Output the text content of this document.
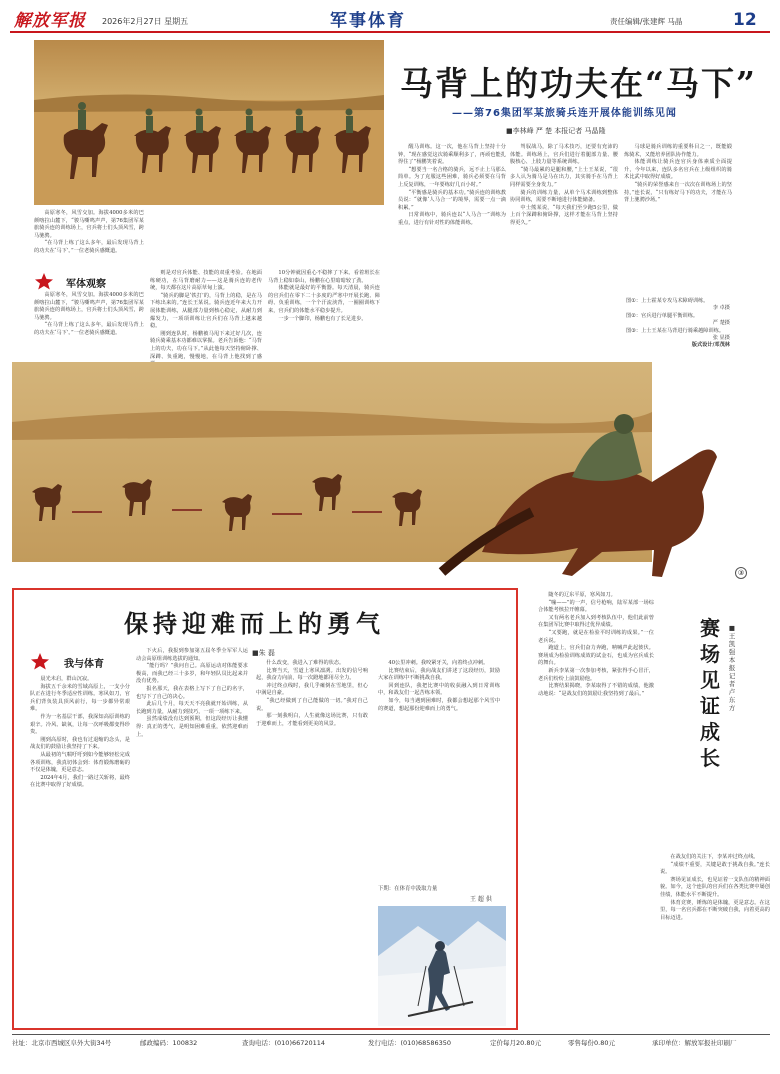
解放军报 2026年2月27日 星期五	军事体育	责任编辑/张建辉 马晶	12
马背上的功夫在“马下”
——第76集团军某旅骑兵连开展体能训练见闻
■李林峰 严 楚 本报记者 马晶隆

高原寒冬，风雪交加。海拔4000多米的巴颜喀拉山麓下，“骏马嘶鸣声声，第76集团军某旅骑兵连的训练场上，官兵将士们头顶风雪，跨马驰骋。

“在马背上练了这么多年，最后发现马背上的功夫在‘马下’。”一位老骑兵感慨道。

军体观察

高原寒冬，风雪交加。海拔4000多米的巴颜喀拉山麓下，“骏马嘶鸣声声，第76集团军某旅骑兵连的训练场上，官兵将士们头顶风雪，跨马驰骋。

“在马背上练了这么多年，最后发现马背上的功夫在‘马下’。”一位老骑兵感慨道。

则是对官兵体能、技能的双重考验。在地面练硬功，在马背磨耐力——这是骑兵连的老传统，每天都在这片高原草甸上演。

“骑兵的脚是‘铁打’的，马背上的稳，是在马下练出来的。”连长王某说。骑兵连近年来大力开展体能训练，从腿部力量到核心稳定，从耐力到爆发力，一项项训练让官兵们在马背上越来越稳。

刚到连队时，杨鹏被马甩下来过好几次，连骑兵骑乘基本功都难以掌握。老兵告诉他：“马背上的功夫，功在马下。”从此他每天坚持俯卧撑、深蹲、负重跑，慢慢地，在马背上他找到了感

10分钟就因重心不稳摔了下来。看着班长在马背上稳如泰山，杨鹏在心里暗暗较了劲。

体能就是最好的平衡器。每天清晨，骑兵连的官兵们在零下二十多度的严寒中开展长跑、障碍、负重训练，一个个汗流浃背，一圈圈训练下来，官兵们的体能水平稳步提升。

一步一个脚印，杨鹏也有了长足进步。

醒马训练。这一次，他在马背上坚持十分钟，“现在感觉这次骑乘顺利多了，再顽也能扎得住了”杨鹏笑着说。

“想要当一名合格的骑兵，远不止上马那么简单。为了克服这些困难，骑兵必须要在马背上反复训练，一年要练好几百小时。”

“平衡感是骑兵的基本功。”骑兵连的训练教员说：“就像‘人马合一’的境界，需要一点一滴积累。”

日常训练中，骑兵连以“人马合一”训练为重点，进行有针对性的体能训练。

驾驭战马，除了马术技巧，还要有充沛的体能。训练场上，官兵们进行着腿部力量、腰腹核心、上肢力量等系统训练。

“骑马最累的是腿和腰，”上士王某说，“很多人认为骑马是马在出力，其实骑手在马背上同样需要全身发力。”

骑兵的训练力量，从单个马术训练到整体协同训练，需要不断地进行体能储备。

中士熊某说，“每天我们至少跑5公里，做上百个深蹲和俯卧撑，这样才能在马背上坚持得更久。”

马球是骑兵训练的重要科目之一，既能锻炼骑术，又能培养团队协作能力。

体能训练让骑兵连官兵身体素质全面提升，今年以来，连队多名官兵在上级组织的骑术比武中取得好成绩。

“骑兵的荣誉感来自一次次在训练场上的坚持，”连长说，“只有练好马下的功夫，才能在马背上驰骋沙场。”

图①：上士霍某专攻马术障碍训练。
李 卓摄
图②：官兵进行单腿平衡训练。
严 楚摄
图③：上士王某在马背进行骑乘越障训练。
张 显摄
版式设计/邓茂林
③
保持迎难而上的勇气
■朱 磊
我与体育

晨光未启，群山沉寂。

海拔五千余米的雪域高原上，一支小分队正在进行冬季适应性训练。寒风如刀，官兵们背负装具顶风前行，每一步都异常艰难。

作为一名基层干部，我深知高原训练的艰辛。冷风、缺氧，让每一次呼吸都变得珍贵。

刚到高原时，我也有过退缩的念头，是战友们的鼓励让我坚持了下来。

从最初的气喘吁吁到如今能够轻松完成各项训练，我真切体会到：体育锻炼磨砺的不仅是体魄，更是意志。

2024年4月，我们一路过关斩将，最终在比赛中取得了好成绩。

下火后，我报到参加第五届冬季全军军人运动会高原组训练选拔的通知。

“能行吗？”我问自己。高原运动对体能要求极高，而我已经三十多岁，和年轻队员比起来并没有优势。

报名那天，我在表格上写下了自己的名字，也写下了自己的决心。

此后几个月，每天天不亮我就开始训练，从长跑到力量，从耐力到技巧，一项一项练下来。

虽然成绩没有达到预期，但这段经历让我懂得：真正的勇气，是明知困难重重，依然迎难而上。

什么改变，我进入了难得的状态。

比赛当天，雪道上寒风凛冽。出发的信号响起，我奋力向前，每一次蹬地都用尽全力。

冲过终点线时，我几乎瘫倒在雪地里，但心中满是自豪。

“我已经做到了自己能做的一切。”我对自己说。

那一刻我明白，人生就像这场比赛，只有敢于迎难而上，才能看到更美的风景。

40公里冲刺。我咬紧牙关，向着终点冲刺。

比赛结束后，我向战友们讲述了这段经历，鼓励大家在训练中不断挑战自我。

回到连队，我把比赛中的收获融入到日常训练中，和战友们一起苦练本领。

如今，每当遇到困难时，我都会想起那个风雪中的赛道，想起那份迎难而上的勇气。

下期：在体育中汲取力量
王 超 供
赛场见证成长
■王凯强 本报记者 卢东方

随冬的辽东平原，寒风如刀。

“嘣——”的一声，信号枪响，陆军某部一场综合体能考核拉开帷幕。

又有两名老兵加入到考核队伍中，他们此前曾在集团军比赛中取得过优异成绩。

“又要跑，就是在检验平时训练的成果。”一位老兵说。

跑道上，官兵们奋力奔跑，呐喊声此起彼伏。赛场成为检验训练成效的试金石，也成为官兵成长的舞台。

新兵李某第一次参加考核，紧张得手心冒汗，老兵们纷纷上前鼓励他。

比赛结果揭晓，李某取得了不错的成绩，他激动地说：“是战友们的鼓励让我坚持到了最后。”

在战友们的关注下，李某冲过终点线。

“成绩不重要，关键是敢于挑战自我。”连长说。

赛场见证成长，也见证着一支队伍的精神面貌。如今，这个连队的官兵们在各类比赛中屡创佳绩，体能水平不断提升。

体育竞赛，锤炼的是体魄，更是意志。在这里，每一名官兵都在不断突破自我，向着更高的目标迈进。

社址：北京市西城区阜外大街34号	邮政编码：100832	查询电话：(010)66720114	发行电话：(010)68586350	定价每月20.80元	零售每份0.80元	承印单位：解放军报社印刷厂
